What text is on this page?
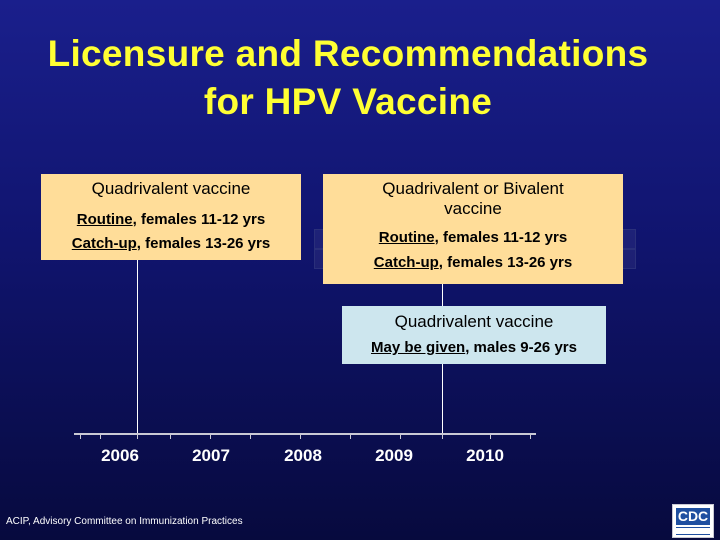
Licensure and Recommendations
for HPV Vaccine
Quadrivalent vaccine
Routine, females 11-12 yrs
Catch-up, females 13-26 yrs
Quadrivalent or Bivalent vaccine
Routine, females 11-12 yrs
Catch-up, females 13-26 yrs
Quadrivalent vaccine
May be given, males 9-26 yrs
2006	2007	2008	2009	2010
ACIP, Advisory Committee on Immunization Practices	CDC
